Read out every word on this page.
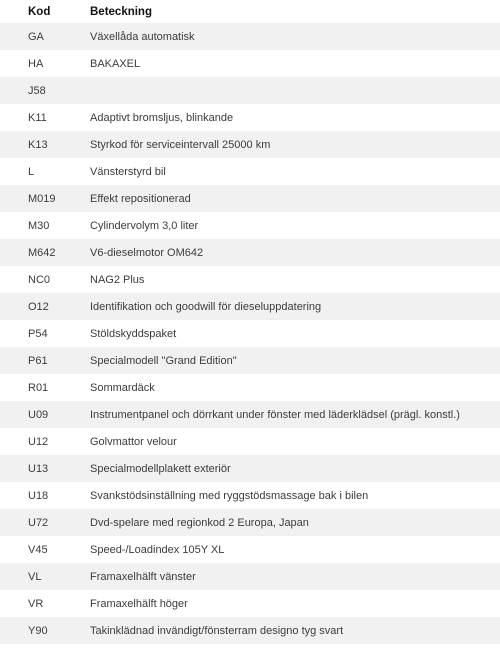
Kod	Beteckning
GA	Växellåda automatisk
HA	BAKAXEL
J58	
K11	Adaptivt bromsljus, blinkande
K13	Styrkod för serviceintervall 25000 km
L	Vänsterstyrd bil
M019	Effekt repositionerad
M30	Cylindervolym 3,0 liter
M642	V6-dieselmotor OM642
NC0	NAG2 Plus
O12	Identifikation och goodwill för dieseluppdatering
P54	Stöldskyddspaket
P61	Specialmodell "Grand Edition"
R01	Sommardäck
U09	Instrumentpanel och dörrkant under fönster med läderklädsel (prägl. konstl.)
U12	Golvmattor velour
U13	Specialmodellplakett exteriör
U18	Svankstödsinställning med ryggstödsmassage bak i bilen
U72	Dvd-spelare med regionkod 2 Europa, Japan
V45	Speed-/Loadindex 105Y XL
VL	Framaxelhälft vänster
VR	Framaxelhälft höger
Y90	Takinklädnad invändigt/fönsterram designo tyg svart
